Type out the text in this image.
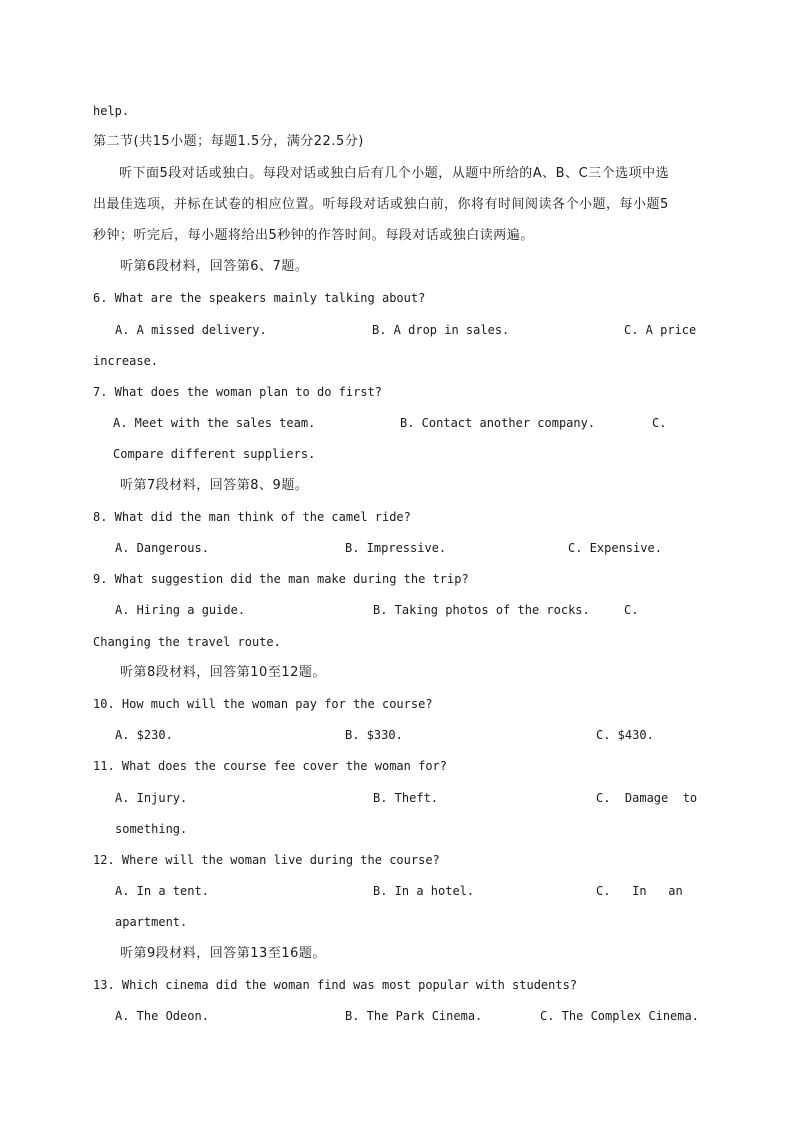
help.
第二节(共15小题；每题1.5分，满分22.5分)
听下面5段对话或独白。每段对话或独白后有几个小题，从题中所给的A、B、C三个选项中选
出最佳选项，并标在试卷的相应位置。听每段对话或独白前，你将有时间阅读各个小题，每小题5
秒钟；听完后，每小题将给出5秒钟的作答时间。每段对话或独白读两遍。
听第6段材料，回答第6、7题。
6. What are the speakers mainly talking about?
A. A missed delivery.	B. A drop in sales.	C. A price
increase.
7. What does the woman plan to do first?
A. Meet with the sales team.	B. Contact another company.	C.
Compare different suppliers.
听第7段材料，回答第8、9题。
8. What did the man think of the camel ride?
A. Dangerous.	B. Impressive.	C. Expensive.
9. What suggestion did the man make during the trip?
A. Hiring a guide.	B. Taking photos of the rocks.	C.
Changing the travel route.
听第8段材料，回答第10至12题。
10. How much will the woman pay for the course?
A. $230.	B. $330.	C. $430.
11. What does the course fee cover the woman for?
A. Injury.	B. Theft.	C.  Damage  to
something.
12. Where will the woman live during the course?
A. In a tent.	B. In a hotel.	C.   In   an
apartment.
听第9段材料，回答第13至16题。
13. Which cinema did the woman find was most popular with students?
A. The Odeon.	B. The Park Cinema.	C. The Complex Cinema.
